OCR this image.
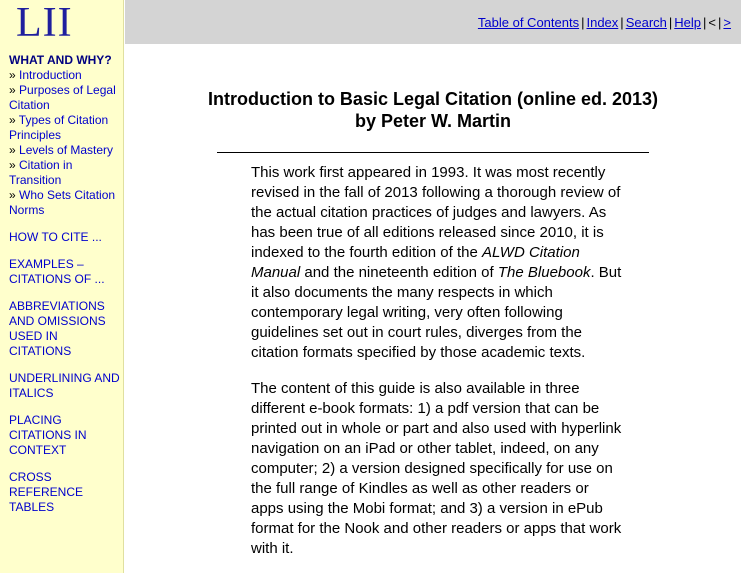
LII
WHAT AND WHY?
» Introduction
» Purposes of Legal Citation
» Types of Citation Principles
» Levels of Mastery
» Citation in Transition
» Who Sets Citation Norms
HOW TO CITE ...
EXAMPLES – CITATIONS OF ...
ABBREVIATIONS AND OMISSIONS USED IN CITATIONS
UNDERLINING AND ITALICS
PLACING CITATIONS IN CONTEXT
CROSS REFERENCE TABLES
Table of Contents | Index | Search | Help | < | >
Introduction to Basic Legal Citation (online ed. 2013)
by Peter W. Martin

This work first appeared in 1993. It was most recently revised in the fall of 2013 following a thorough review of the actual citation practices of judges and lawyers. As has been true of all editions released since 2010, it is indexed to the fourth edition of the ALWD Citation Manual and the nineteenth edition of The Bluebook. But it also documents the many respects in which contemporary legal writing, very often following guidelines set out in court rules, diverges from the citation formats specified by those academic texts.

The content of this guide is also available in three different e-book formats: 1) a pdf version that can be printed out in whole or part and also used with hyperlink navigation on an iPad or other tablet, indeed, on any computer; 2) a version designed specifically for use on the full range of Kindles as well as other readers or apps using the Mobi format; and 3) a version in ePub format for the Nook and other readers or apps that work with it.
